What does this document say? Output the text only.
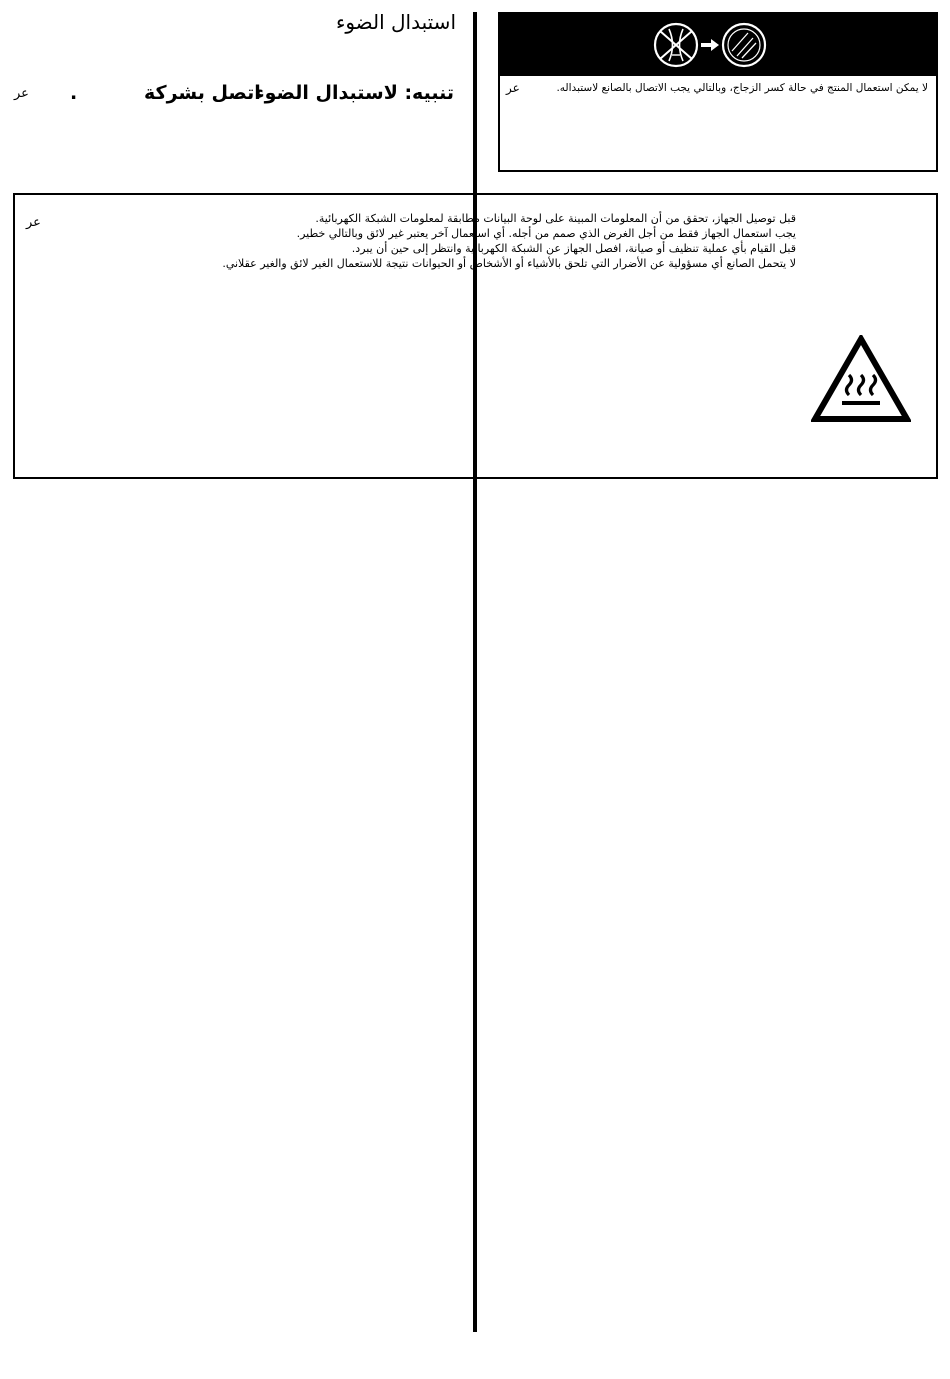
استبدال الضوء
تنبيه: لاستبدال الضوء
اتصل بشركة
.
عر	لا يمكن استعمال المنتج في حالة كسر الزجاج، وبالتالي يجب الاتصال بالصانع لاستبداله.
عر
قبل توصيل الجهاز، تحقق من أن المعلومات المبينة على لوحة البيانات مطابقة لمعلومات الشبكة الكهربائية.
يجب استعمال الجهاز فقط من أجل الغرض الذي صمم من أجله. أي استعمال آخر يعتبر غير لائق وبالتالي خطير.
قبل القيام بأي عملية تنظيف أو صيانة، افصل الجهاز عن الشبكة الكهربائية وانتظر إلى حين أن يبرد.
لا يتحمل الصانع أي مسؤولية عن الأضرار التي تلحق بالأشياء أو الأشخاص أو الحيوانات نتيجة للاستعمال الغير لائق والغير عقلاني.
عر
